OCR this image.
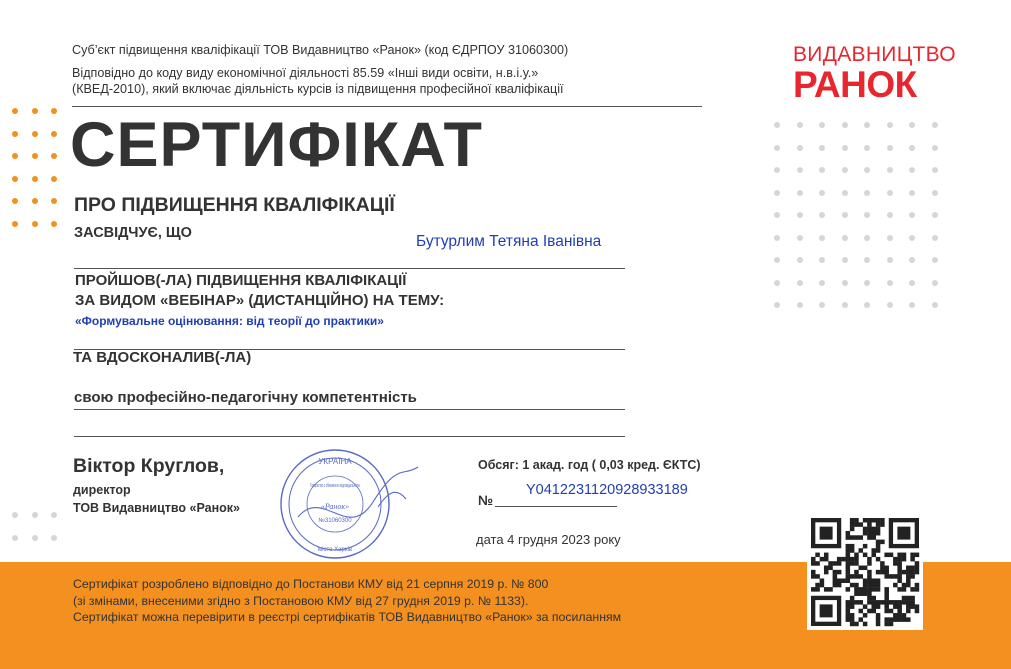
Суб’єкт підвищення кваліфікації ТОВ Видавництво «Ранок» (код ЄДРПОУ 31060300)
Відповідно до коду виду економічної діяльності 85.59 «Інші види освіти, н.в.і.у.»
(КВЕД-2010), який включає діяльність курсів із підвищення професійної кваліфікації
ВИДАВНИЦТВО
РАНОК
СЕРТИФІКАТ
ПРО ПІДВИЩЕННЯ КВАЛІФІКАЦІЇ
ЗАСВІДЧУЄ, ЩО	Бутурлим Тетяна Іванівна
ПРОЙШОВ(-ЛА) ПІДВИЩЕННЯ КВАЛІФІКАЦІЇ
ЗА ВИДОМ «ВЕБІНАР» (ДИСТАНЦІЙНО) НА ТЕМУ:
«Формувальне оцінювання: від теорії до практики»
ТА ВДОСКОНАЛИВ(-ЛА)
свою професійно-педагогічну компетентність
Віктор Круглов,
директор
ТОВ Видавництво «Ранок»
УКРАЇНА
«Ранок»
№31060300
місто Харків
Товариство з обмеженою відповідальністю
Обсяг: 1 акад. год ( 0,03 кред. ЄКТС)
№
Y0412231120928933189
дата 4 грудня 2023 року
Сертифікат розроблено відповідно до Постанови КМУ від 21 серпня 2019 р. № 800
(зі змінами, внесеними згідно з Постановою КМУ від 27 грудня 2019 р. № 1133).
Сертифікат можна перевірити в реєстрі сертифікатів ТОВ Видавництво «Ранок» за посиланням
